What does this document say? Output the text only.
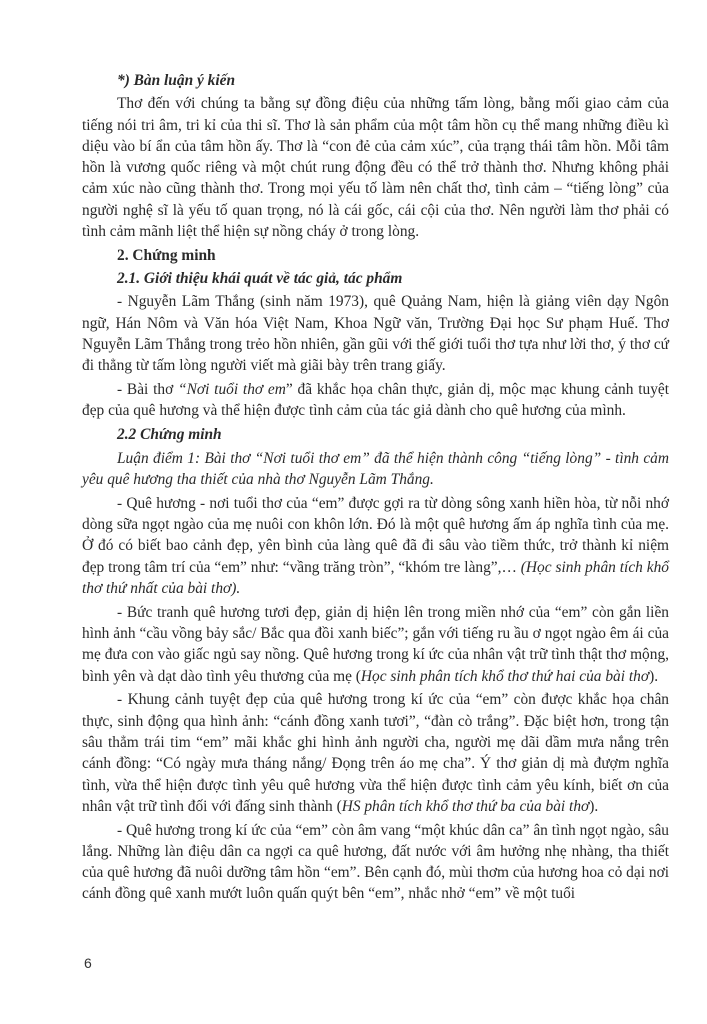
*) Bàn luận ý kiến

Thơ đến với chúng ta bằng sự đồng điệu của những tấm lòng, bằng mối giao cảm của tiếng nói tri âm, tri kỉ của thi sĩ. Thơ là sản phẩm của một tâm hồn cụ thể mang những điều kì diệu vào bí ẩn của tâm hồn ấy. Thơ là “con đẻ của cảm xúc”, của trạng thái tâm hồn. Mỗi tâm hồn là vương quốc riêng và một chút rung động đều có thể trở thành thơ. Nhưng không phải cảm xúc nào cũng thành thơ. Trong mọi yếu tố làm nên chất thơ, tình cảm – “tiếng lòng” của người nghệ sĩ là yếu tố quan trọng, nó là cái gốc, cái cội của thơ. Nên người làm thơ phải có tình cảm mãnh liệt thể hiện sự nồng cháy ở trong lòng.

2. Chứng minh

2.1. Giới thiệu khái quát về tác giả, tác phẩm

- Nguyễn Lãm Thắng (sinh năm 1973), quê Quảng Nam, hiện là giảng viên dạy Ngôn ngữ, Hán Nôm và Văn hóa Việt Nam, Khoa Ngữ văn, Trường Đại học Sư phạm Huế. Thơ Nguyễn Lãm Thắng trong trẻo hồn nhiên, gần gũi với thế giới tuổi thơ tựa như lời thơ, ý thơ cứ đi thẳng từ tấm lòng người viết mà giãi bày trên trang giấy.

- Bài thơ “Nơi tuổi thơ em” đã khắc họa chân thực, giản dị, mộc mạc khung cảnh tuyệt đẹp của quê hương và thể hiện được tình cảm của tác giả dành cho quê hương của mình.

2.2 Chứng minh

Luận điểm 1: Bài thơ “Nơi tuổi thơ em” đã thể hiện thành công “tiếng lòng” - tình cảm yêu quê hương tha thiết của nhà thơ Nguyễn Lãm Thắng.

- Quê hương - nơi tuổi thơ của “em” được gợi ra từ dòng sông xanh hiền hòa, từ nỗi nhớ dòng sữa ngọt ngào của mẹ nuôi con khôn lớn. Đó là một quê hương ấm áp nghĩa tình của mẹ. Ở đó có biết bao cảnh đẹp, yên bình của làng quê đã đi sâu vào tiềm thức, trở thành kỉ niệm đẹp trong tâm trí của “em” như: “vầng trăng tròn”, “khóm tre làng”,… (Học sinh phân tích khổ thơ thứ nhất của bài thơ).

- Bức tranh quê hương tươi đẹp, giản dị hiện lên trong miền nhớ của “em” còn gắn liền hình ảnh “cầu vồng bảy sắc/ Bắc qua đồi xanh biếc”; gắn với tiếng ru ầu ơ ngọt ngào êm ái của mẹ đưa con vào giấc ngủ say nồng. Quê hương trong kí ức của nhân vật trữ tình thật thơ mộng, bình yên và dạt dào tình yêu thương của mẹ (Học sinh phân tích khổ thơ thứ hai của bài thơ).

- Khung cảnh tuyệt đẹp của quê hương trong kí ức của “em” còn được khắc họa chân thực, sinh động qua hình ảnh: “cánh đồng xanh tươi”, “đàn cò trắng”. Đặc biệt hơn, trong tận sâu thẳm trái tim “em” mãi khắc ghi hình ảnh người cha, người mẹ dãi dầm mưa nắng trên cánh đồng: “Có ngày mưa tháng nắng/ Đọng trên áo mẹ cha”. Ý thơ giản dị mà đượm nghĩa tình, vừa thể hiện được tình yêu quê hương vừa thể hiện được tình cảm yêu kính, biết ơn của nhân vật trữ tình đối với đấng sinh thành (HS phân tích khổ thơ thứ ba của bài thơ).

- Quê hương trong kí ức của “em” còn âm vang “một khúc dân ca” ân tình ngọt ngào, sâu lắng. Những làn điệu dân ca ngợi ca quê hương, đất nước với âm hưởng nhẹ nhàng, tha thiết của quê hương đã nuôi dưỡng tâm hồn “em”. Bên cạnh đó, mùi thơm của hương hoa cỏ dại nơi cánh đồng quê xanh mướt luôn quấn quýt bên “em”, nhắc nhở “em” về một tuổi

6
